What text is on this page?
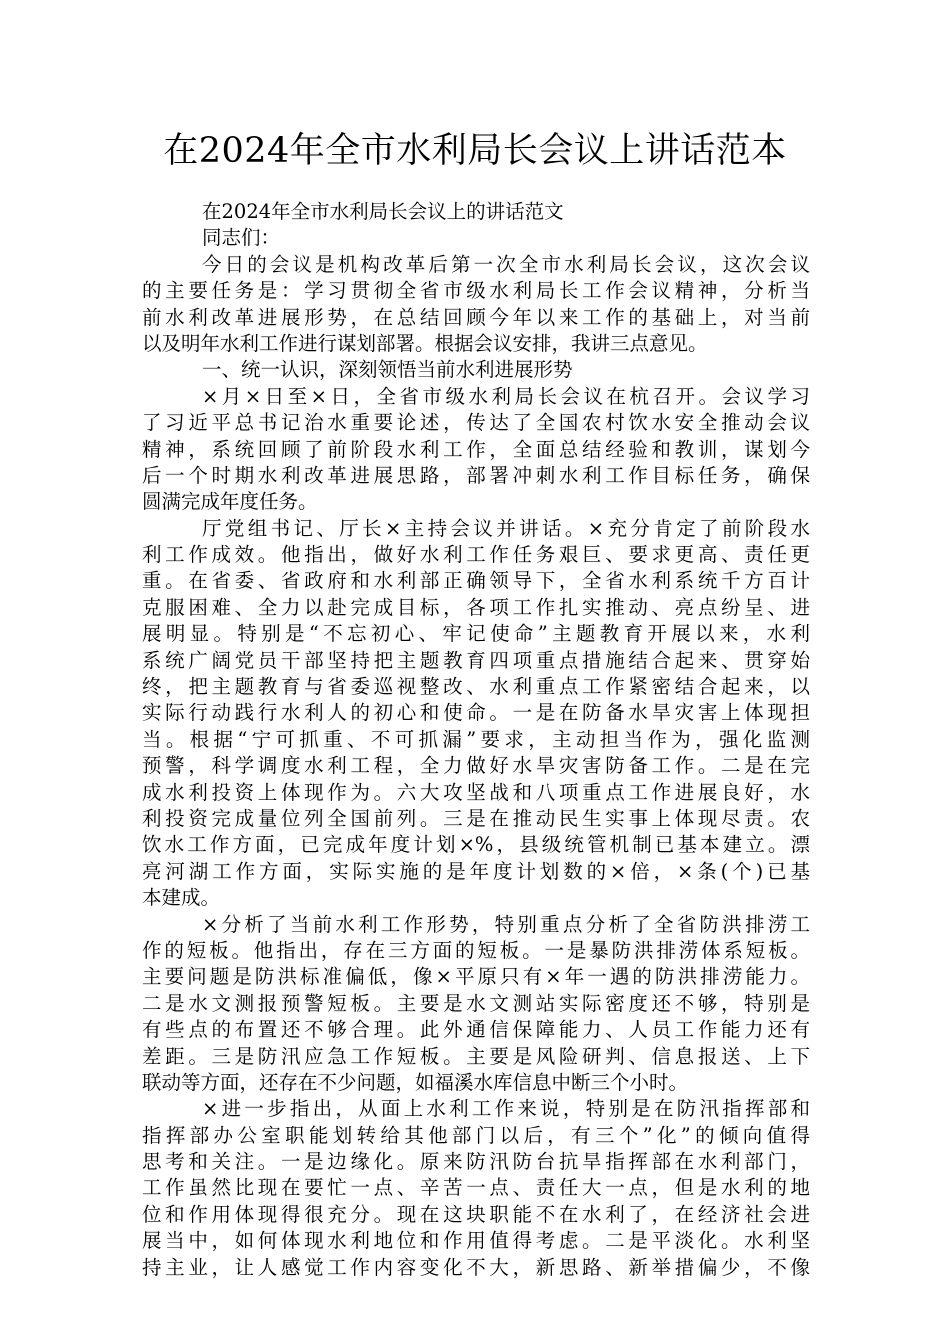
在2024年全市水利局长会议上讲话范本
在2024年全市水利局长会议上的讲话范文
同志们：
今日的会议是机构改革后第一次全市水利局长会议，这次会议
的主要任务是：学习贯彻全省市级水利局长工作会议精神，分析当
前水利改革进展形势，在总结回顾今年以来工作的基础上，对当前
以及明年水利工作进行谋划部署。根据会议安排，我讲三点意见。
一、统一认识，深刻领悟当前水利进展形势
×月×日至×日，全省市级水利局长会议在杭召开。会议学习
了习近平总书记治水重要论述，传达了全国农村饮水安全推动会议
精神，系统回顾了前阶段水利工作，全面总结经验和教训，谋划今
后一个时期水利改革进展思路，部署冲刺水利工作目标任务，确保
圆满完成年度任务。
厅党组书记、厅长×主持会议并讲话。×充分肯定了前阶段水
利工作成效。他指出，做好水利工作任务艰巨、要求更高、责任更
重。在省委、省政府和水利部正确领导下，全省水利系统千方百计
克服困难、全力以赴完成目标，各项工作扎实推动、亮点纷呈、进
展明显。特别是“不忘初心、牢记使命”主题教育开展以来，水利
系统广阔党员干部坚持把主题教育四项重点措施结合起来、贯穿始
终，把主题教育与省委巡视整改、水利重点工作紧密结合起来，以
实际行动践行水利人的初心和使命。一是在防备水旱灾害上体现担
当。根据“宁可抓重、不可抓漏”要求，主动担当作为，强化监测
预警，科学调度水利工程，全力做好水旱灾害防备工作。二是在完
成水利投资上体现作为。六大攻坚战和八项重点工作进展良好，水
利投资完成量位列全国前列。三是在推动民生实事上体现尽责。农
饮水工作方面，已完成年度计划×%，县级统管机制已基本建立。漂
亮河湖工作方面，实际实施的是年度计划数的×倍，×条(个)已基
本建成。
×分析了当前水利工作形势，特别重点分析了全省防洪排涝工
作的短板。他指出，存在三方面的短板。一是暴防洪排涝体系短板。
主要问题是防洪标准偏低，像×平原只有×年一遇的防洪排涝能力。
二是水文测报预警短板。主要是水文测站实际密度还不够，特别是
有些点的布置还不够合理。此外通信保障能力、人员工作能力还有
差距。三是防汛应急工作短板。主要是风险研判、信息报送、上下
联动等方面，还存在不少问题，如福溪水库信息中断三个小时。
×进一步指出，从面上水利工作来说，特别是在防汛指挥部和
指挥部办公室职能划转给其他部门以后，有三个”化”的倾向值得
思考和关注。一是边缘化。原来防汛防台抗旱指挥部在水利部门，
工作虽然比现在要忙一点、辛苦一点、责任大一点，但是水利的地
位和作用体现得很充分。现在这块职能不在水利了，在经济社会进
展当中，如何体现水利地位和作用值得考虑。二是平淡化。水利坚
持主业，让人感觉工作内容变化不大，新思路、新举措偏少，不像
